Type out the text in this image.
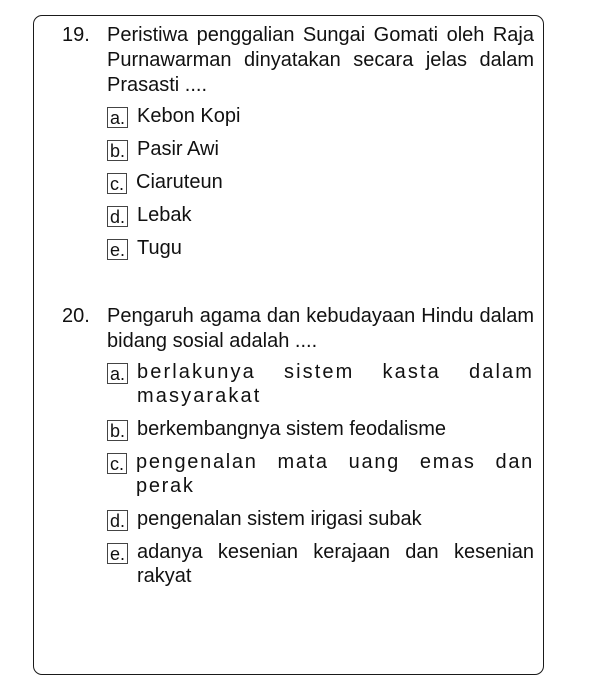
19. Peristiwa penggalian Sungai Gomati oleh Raja Purnawarman dinyatakan secara jelas dalam Prasasti ....
a. Kebon Kopi
b. Pasir Awi
c. Ciaruteun
d. Lebak
e. Tugu
20. Pengaruh agama dan kebudayaan Hindu dalam bidang sosial adalah ....
a. berlakunya sistem kasta dalam masyarakat
b. berkembangnya sistem feodalisme
c. pengenalan mata uang emas dan perak
d. pengenalan sistem irigasi subak
e. adanya kesenian kerajaan dan kesenian rakyat
